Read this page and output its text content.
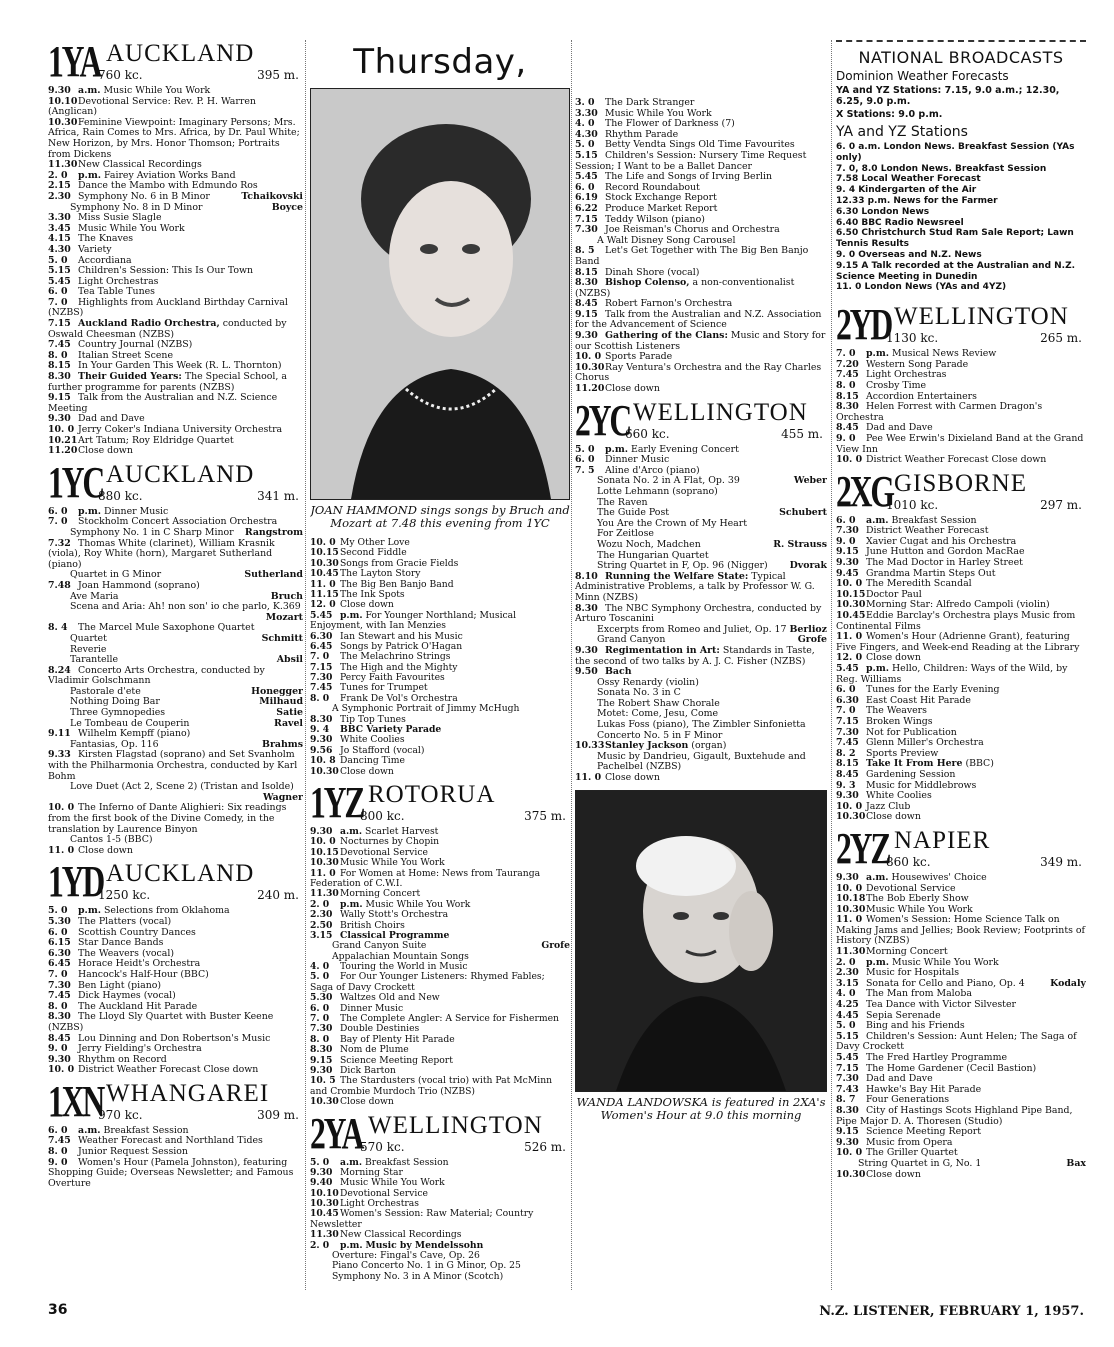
1YA AUCKLAND
760 kc.	395 m.
9.30 a.m. Music While You Work
10.10Devotional Service: Rev. P. H. Warren (Anglican)
10.30Feminine Viewpoint: Imaginary Persons; Mrs. Africa, Rain Comes to Mrs. Africa, by Dr. Paul White; New Horizon, by Mrs. Honor Thomson; Portraits from Dickens
11.30New Classical Recordings
2. 0 p.m. Fairey Aviation Works Band
2.15 Dance the Mambo with Edmundo Ros
2.30 Symphony No. 6 in B Minor	Tchaikovski
Symphony No. 8 in D Minor	Boyce
3.30 Miss Susie Slagle
3.45 Music While You Work
4.15 The Knaves
4.30 Variety
5. 0 Accordiana
5.15 Children's Session: This Is Our Town
5.45 Light Orchestras
6. 0 Tea Table Tunes
7. 0 Highlights from Auckland Birthday Carnival (NZBS)
7.15 Auckland Radio Orchestra, conducted by Oswald Cheesman (NZBS)
7.45 Country Journal (NZBS)
8. 0 Italian Street Scene
8.15 In Your Garden This Week (R. L. Thornton)
8.30 Their Guided Years: The Special School, a further programme for parents (NZBS)
9.15 Talk from the Australian and N.Z. Science Meeting
9.30 Dad and Dave
10. 0 Jerry Coker's Indiana University Orchestra
10.21Art Tatum; Roy Eldridge Quartet
11.20Close down
1YC AUCKLAND
880 kc.	341 m.
6. 0 p.m. Dinner Music
7. 0 Stockholm Concert Association Orchestra
Symphony No. 1 in C Sharp Minor Rangstrom
7.32 Thomas White (clarinet), William Krasnik (viola), Roy White (horn), Margaret Sutherland (piano)
Quartet in G Minor	Sutherland
7.48 Joan Hammond (soprano)
Ave Maria	Bruch
Scena and Aria: Ah! non son' io che parlo, K.369
Mozart
8. 4 The Marcel Mule Saxophone Quartet
Quartet	Schmitt
Reverie
Tarantelle	Absil
8.24 Concerto Arts Orchestra, conducted by Vladimir Golschmann
Pastorale d'ete	Honegger
Nothing Doing Bar	Milhaud
Three Gymnopedies	Satie
Le Tombeau de Couperin	Ravel
9.11 Wilhelm Kempff (piano)
Fantasias, Op. 116	Brahms
9.33 Kirsten Flagstad (soprano) and Set Svanholm with the Philharmonia Orchestra, conducted by Karl Bohm
Love Duet (Act 2, Scene 2) (Tristan and Isolde)
Wagner
10. 0 The Inferno of Dante Alighieri: Six readings from the first book of the Divine Comedy, in the translation by Laurence Binyon
Cantos 1-5 (BBC)
11. 0 Close down
1YD AUCKLAND
1250 kc.	240 m.
5. 0 p.m. Selections from Oklahoma
5.30 The Platters (vocal)
6. 0 Scottish Country Dances
6.15 Star Dance Bands
6.30 The Weavers (vocal)
6.45 Horace Heidt's Orchestra
7. 0 Hancock's Half-Hour (BBC)
7.30 Ben Light (piano)
7.45 Dick Haymes (vocal)
8. 0 The Auckland Hit Parade
8.30 The Lloyd Sly Quartet with Buster Keene (NZBS)
8.45 Lou Dinning and Don Robertson's Music
9. 0 Jerry Fielding's Orchestra
9.30 Rhythm on Record
10. 0 District Weather Forecast Close down
1XN WHANGAREI
970 kc.	309 m.
6. 0 a.m. Breakfast Session
7.45 Weather Forecast and Northland Tides
8. 0 Junior Request Session
9. 0 Women's Hour (Pamela Johnston), featuring Shopping Guide; Overseas Newsletter; and Famous Overture
Thursday,
JOAN HAMMOND sings songs by Bruch and Mozart at 7.48 this evening from 1YC
10. 0 My Other Love
10.15Second Fiddle
10.30Songs from Gracie Fields
10.45The Layton Story
11. 0 The Big Ben Banjo Band
11.15The Ink Spots
12. 0 Close down
5.45 p.m. For Younger Northland; Musical Enjoyment, with Ian Menzies
6.30 Ian Stewart and his Music
6.45 Songs by Patrick O'Hagan
7. 0 The Melachrino Strings
7.15 The High and the Mighty
7.30 Percy Faith Favourites
7.45 Tunes for Trumpet
8. 0 Frank De Vol's Orchestra
A Symphonic Portrait of Jimmy McHugh
8.30 Tip Top Tunes
9. 4 BBC Variety Parade
9.30 White Coolies
9.56 Jo Stafford (vocal)
10. 8 Dancing Time
10.30Close down
1YZ ROTORUA
800 kc.	375 m.
9.30 a.m. Scarlet Harvest
10. 0 Nocturnes by Chopin
10.15Devotional Service
10.30Music While You Work
11. 0 For Women at Home: News from Tauranga Federation of C.W.I.
11.30Morning Concert
2. 0 p.m. Music While You Work
2.30 Wally Stott's Orchestra
2.50 British Choirs
3.15 Classical Programme
Grand Canyon Suite	Grofe
Appalachian Mountain Songs
4. 0 Touring the World in Music
5. 0 For Our Younger Listeners: Rhymed Fables; Saga of Davy Crockett
5.30 Waltzes Old and New
6. 0 Dinner Music
7. 0 The Complete Angler: A Service for Fishermen
7.30 Double Destinies
8. 0 Bay of Plenty Hit Parade
8.30 Nom de Plume
9.15 Science Meeting Report
9.30 Dick Barton
10. 5 The Stardusters (vocal trio) with Pat McMinn and Crombie Murdoch Trio (NZBS)
10.30Close down
2YA WELLINGTON
570 kc.	526 m.
5. 0 a.m. Breakfast Session
9.30 Morning Star
9.40 Music While You Work
10.10Devotional Service
10.30Light Orchestras
10.45Women's Session: Raw Material; Country Newsletter
11.30New Classical Recordings
2. 0 p.m. Music by Mendelssohn
Overture: Fingal's Cave, Op. 26
Piano Concerto No. 1 in G Minor, Op. 25
Symphony No. 3 in A Minor (Scotch)
3. 0 The Dark Stranger
3.30 Music While You Work
4. 0 The Flower of Darkness (7)
4.30 Rhythm Parade
5. 0 Betty Vendta Sings Old Time Favourites
5.15 Children's Session: Nursery Time Request Session; I Want to be a Ballet Dancer
5.45 The Life and Songs of Irving Berlin
6. 0 Record Roundabout
6.19 Stock Exchange Report
6.22 Produce Market Report
7.15 Teddy Wilson (piano)
7.30 Joe Reisman's Chorus and Orchestra
A Walt Disney Song Carousel
8. 5 Let's Get Together with The Big Ben Banjo Band
8.15 Dinah Shore (vocal)
8.30 Bishop Colenso, a non-conventionalist (NZBS)
8.45 Robert Farnon's Orchestra
9.15 Talk from the Australian and N.Z. Association for the Advancement of Science
9.30 Gathering of the Clans: Music and Story for our Scottish Listeners
10. 0 Sports Parade
10.30Ray Ventura's Orchestra and the Ray Charles Chorus
11.20Close down
2YC WELLINGTON
660 kc.	455 m.
5. 0 p.m. Early Evening Concert
6. 0 Dinner Music
7. 5 Aline d'Arco (piano)
Sonata No. 2 in A Flat, Op. 39	Weber
Lotte Lehmann (soprano)
The Raven
The Guide Post	Schubert
You Are the Crown of My Heart
For Zeitlose
Wozu Noch, Madchen	R. Strauss
The Hungarian Quartet
String Quartet in F, Op. 96 (Nigger) Dvorak
8.10 Running the Welfare State: Typical Administrative Problems, a talk by Professor W. G. Minn (NZBS)
8.30 The NBC Symphony Orchestra, conducted by Arturo Toscanini
Excerpts from Romeo and Juliet, Op. 17 Berlioz
Grand Canyon	Grofe
9.30 Regimentation in Art: Standards in Taste, the second of two talks by A. J. C. Fisher (NZBS)
9.50 Bach
Ossy Renardy (violin)
Sonata No. 3 in C
The Robert Shaw Chorale
Motet: Come, Jesu, Come
Lukas Foss (piano), The Zimbler Sinfonietta
Concerto No. 5 in F Minor
10.33Stanley Jackson (organ)
Music by Dandrieu, Gigault, Buxtehude and Pachelbel (NZBS)
11. 0 Close down
WANDA LANDOWSKA is featured in 2XA's Women's Hour at 9.0 this morning
NATIONAL BROADCASTS
Dominion Weather Forecasts
YA and YZ Stations: 7.15, 9.0 a.m.; 12.30, 6.25, 9.0 p.m.
X Stations: 9.0 p.m.
YA and YZ Stations
6. 0 a.m. London News. Breakfast Session (YAs only)
7. 0, 8.0 London News. Breakfast Session
7.58 Local Weather Forecast
9. 4 Kindergarten of the Air
12.33 p.m. News for the Farmer
6.30 London News
6.40 BBC Radio Newsreel
6.50 Christchurch Stud Ram Sale Report; Lawn Tennis Results
9. 0 Overseas and N.Z. News
9.15 A Talk recorded at the Australian and N.Z. Science Meeting in Dunedin
11. 0 London News (YAs and 4YZ)
2YD WELLINGTON
1130 kc.	265 m.
7. 0 p.m. Musical News Review
7.20 Western Song Parade
7.45 Light Orchestras
8. 0 Crosby Time
8.15 Accordion Entertainers
8.30 Helen Forrest with Carmen Dragon's Orchestra
8.45 Dad and Dave
9. 0 Pee Wee Erwin's Dixieland Band at the Grand View Inn
10. 0 District Weather Forecast Close down
2XG GISBORNE
1010 kc.	297 m.
6. 0 a.m. Breakfast Session
7.30 District Weather Forecast
9. 0 Xavier Cugat and his Orchestra
9.15 June Hutton and Gordon MacRae
9.30 The Mad Doctor in Harley Street
9.45 Grandma Martin Steps Out
10. 0 The Meredith Scandal
10.15Doctor Paul
10.30Morning Star: Alfredo Campoli (violin)
10.45Eddie Barclay's Orchestra plays Music from Continental Films
11. 0 Women's Hour (Adrienne Grant), featuring Five Fingers, and Week-end Reading at the Library
12. 0 Close down
5.45 p.m. Hello, Children: Ways of the Wild, by Reg. Williams
6. 0 Tunes for the Early Evening
6.30 East Coast Hit Parade
7. 0 The Weavers
7.15 Broken Wings
7.30 Not for Publication
7.45 Glenn Miller's Orchestra
8. 2 Sports Preview
8.15 Take It From Here (BBC)
8.45 Gardening Session
9. 3 Music for Middlebrows
9.30 White Coolies
10. 0 Jazz Club
10.30Close down
2YZ NAPIER
860 kc.	349 m.
9.30 a.m. Housewives' Choice
10. 0 Devotional Service
10.18The Bob Eberly Show
10.30Music While You Work
11. 0 Women's Session: Home Science Talk on Making Jams and Jellies; Book Review; Footprints of History (NZBS)
11.30Morning Concert
2. 0 p.m. Music While You Work
2.30 Music for Hospitals
3.15 Sonata for Cello and Piano, Op. 4	Kodaly
4. 0 The Man from Maloba
4.25 Tea Dance with Victor Silvester
4.45 Sepia Serenade
5. 0 Bing and his Friends
5.15 Children's Session: Aunt Helen; The Saga of Davy Crockett
5.45 The Fred Hartley Programme
7.15 The Home Gardener (Cecil Bastion)
7.30 Dad and Dave
7.43 Hawke's Bay Hit Parade
8. 7 Four Generations
8.30 City of Hastings Scots Highland Pipe Band, Pipe Major D. A. Thoresen (Studio)
9.15 Science Meeting Report
9.30 Music from Opera
10. 0 The Griller Quartet
String Quartet in G, No. 1	Bax
10.30Close down
36	N.Z. LISTENER, FEBRUARY 1, 1957.
